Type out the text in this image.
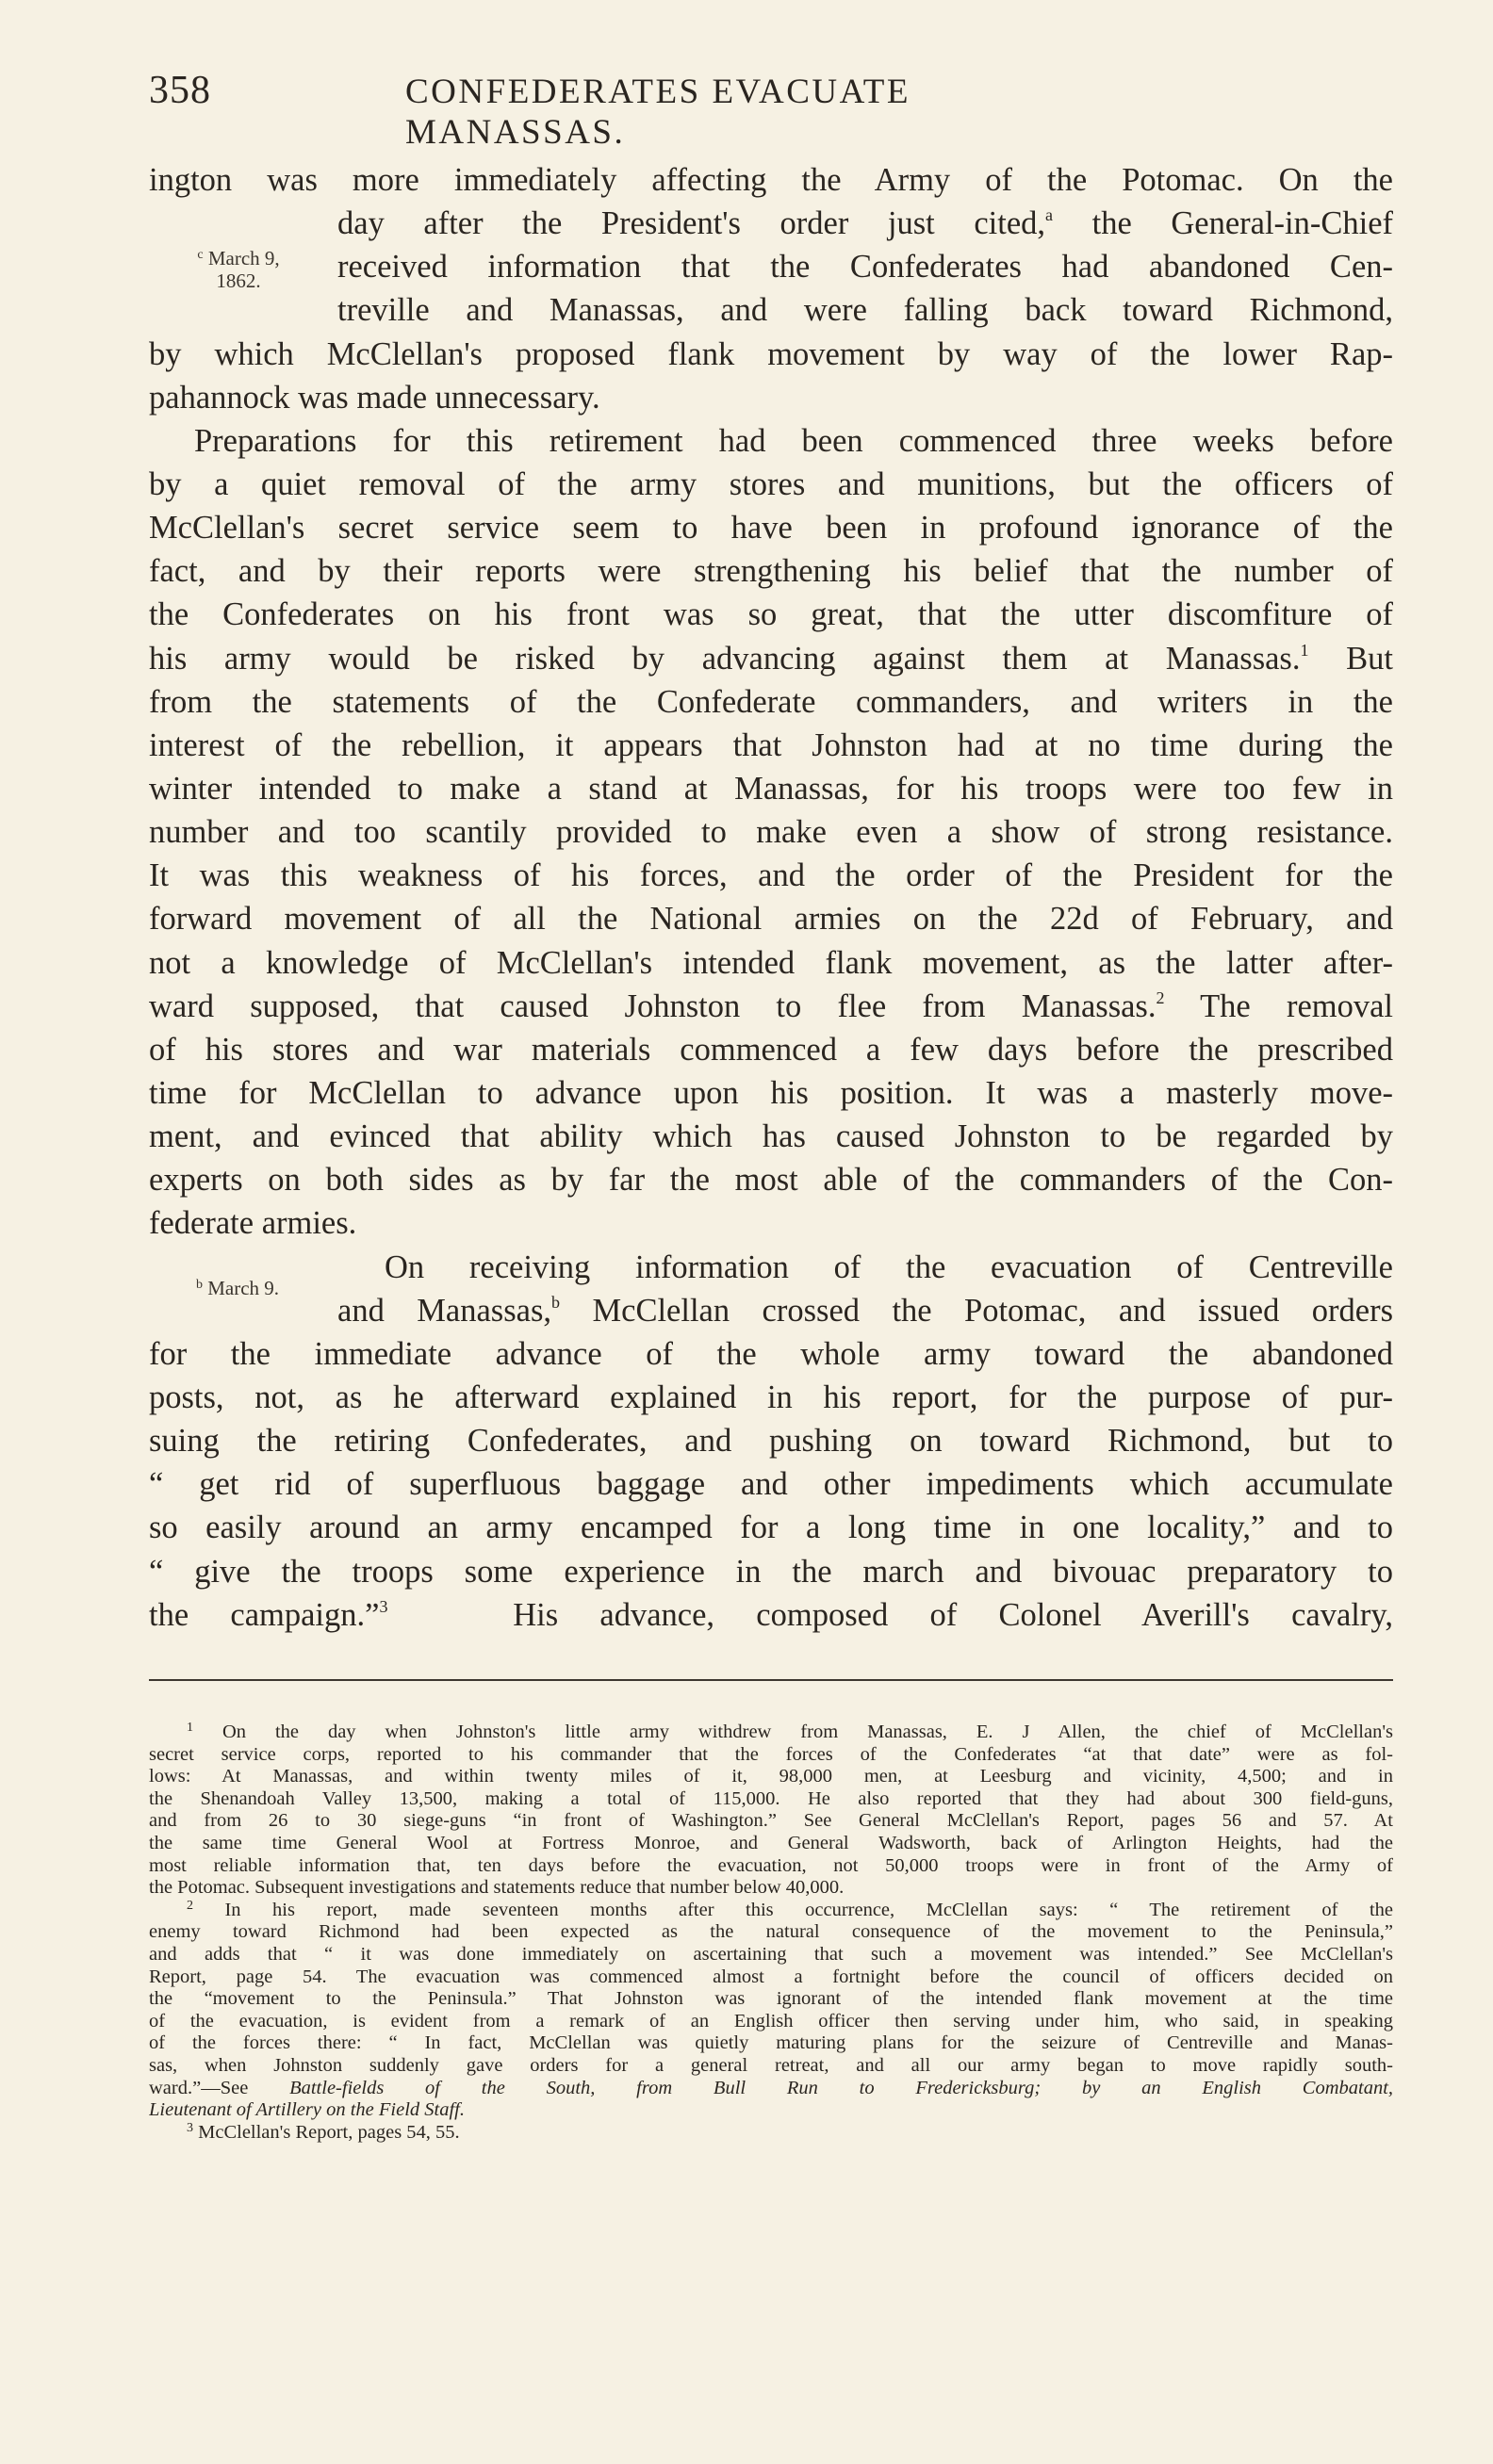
358	CONFEDERATES EVACUATE MANASSAS.
$^c$ March 9,
1862.
$^b$ March 9.
ington was more immediately affecting the Army of the Potomac. On the
day after the President's order just cited,$^a$ the General-in-Chief
received information that the Confederates had abandoned Cen-
treville and Manassas, and were falling back toward Richmond,
by which McClellan's proposed flank movement by way of the lower Rap-
pahannock was made unnecessary.
Preparations for this retirement had been commenced three weeks before
by a quiet removal of the army stores and munitions, but the officers of
McClellan's secret service seem to have been in profound ignorance of the
fact, and by their reports were strengthening his belief that the number of
the Confederates on his front was so great, that the utter discomfiture of
his army would be risked by advancing against them at Manassas.$^1$ But
from the statements of the Confederate commanders, and writers in the
interest of the rebellion, it appears that Johnston had at no time during the
winter intended to make a stand at Manassas, for his troops were too few in
number and too scantily provided to make even a show of strong resistance.
It was this weakness of his forces, and the order of the President for the
forward movement of all the National armies on the 22d of February, and
not a knowledge of McClellan's intended flank movement, as the latter after-
ward supposed, that caused Johnston to flee from Manassas.$^2$ The removal
of his stores and war materials commenced a few days before the prescribed
time for McClellan to advance upon his position. It was a masterly move-
ment, and evinced that ability which has caused Johnston to be regarded by
experts on both sides as by far the most able of the commanders of the Con-
federate armies.
On receiving information of the evacuation of Centreville
and Manassas,$^b$ McClellan crossed the Potomac, and issued orders
for the immediate advance of the whole army toward the abandoned
posts, not, as he afterward explained in his report, for the purpose of pur-
suing the retiring Confederates, and pushing on toward Richmond, but to
“ get rid of superfluous baggage and other impediments which accumulate
so easily around an army encamped for a long time in one locality,” and to
“ give the troops some experience in the march and bivouac preparatory to
the campaign.”$^3$	His advance, composed of Colonel Averill's cavalry,
$^1$ On the day when Johnston's little army withdrew from Manassas, E. J Allen, the chief of McClellan's
secret service corps, reported to his commander that the forces of the Confederates “at that date” were as fol-
lows: At Manassas, and within twenty miles of it, 98,000 men, at Leesburg and vicinity, 4,500; and in
the Shenandoah Valley 13,500, making a total of 115,000. He also reported that they had about 300 field-guns,
and from 26 to 30 siege-guns “in front of Washington.” See General McClellan's Report, pages 56 and 57. At
the same time General Wool at Fortress Monroe, and General Wadsworth, back of Arlington Heights, had the
most reliable information that, ten days before the evacuation, not 50,000 troops were in front of the Army of
the Potomac. Subsequent investigations and statements reduce that number below 40,000.
$^2$ In his report, made seventeen months after this occurrence, McClellan says: “ The retirement of the
enemy toward Richmond had been expected as the natural consequence of the movement to the Peninsula,”
and adds that “ it was done immediately on ascertaining that such a movement was intended.” See McClellan's
Report, page 54. The evacuation was commenced almost a fortnight before the council of officers decided on
the “movement to the Peninsula.” That Johnston was ignorant of the intended flank movement at the time
of the evacuation, is evident from a remark of an English officer then serving under him, who said, in speaking
of the forces there: “ In fact, McClellan was quietly maturing plans for the seizure of Centreville and Manas-
sas, when Johnston suddenly gave orders for a general retreat, and all our army began to move rapidly south-
ward.”—See Battle-fields of the South, from Bull Run to Fredericksburg; by an English Combatant,
Lieutenant of Artillery on the Field Staff.
$^3$ McClellan's Report, pages 54, 55.
